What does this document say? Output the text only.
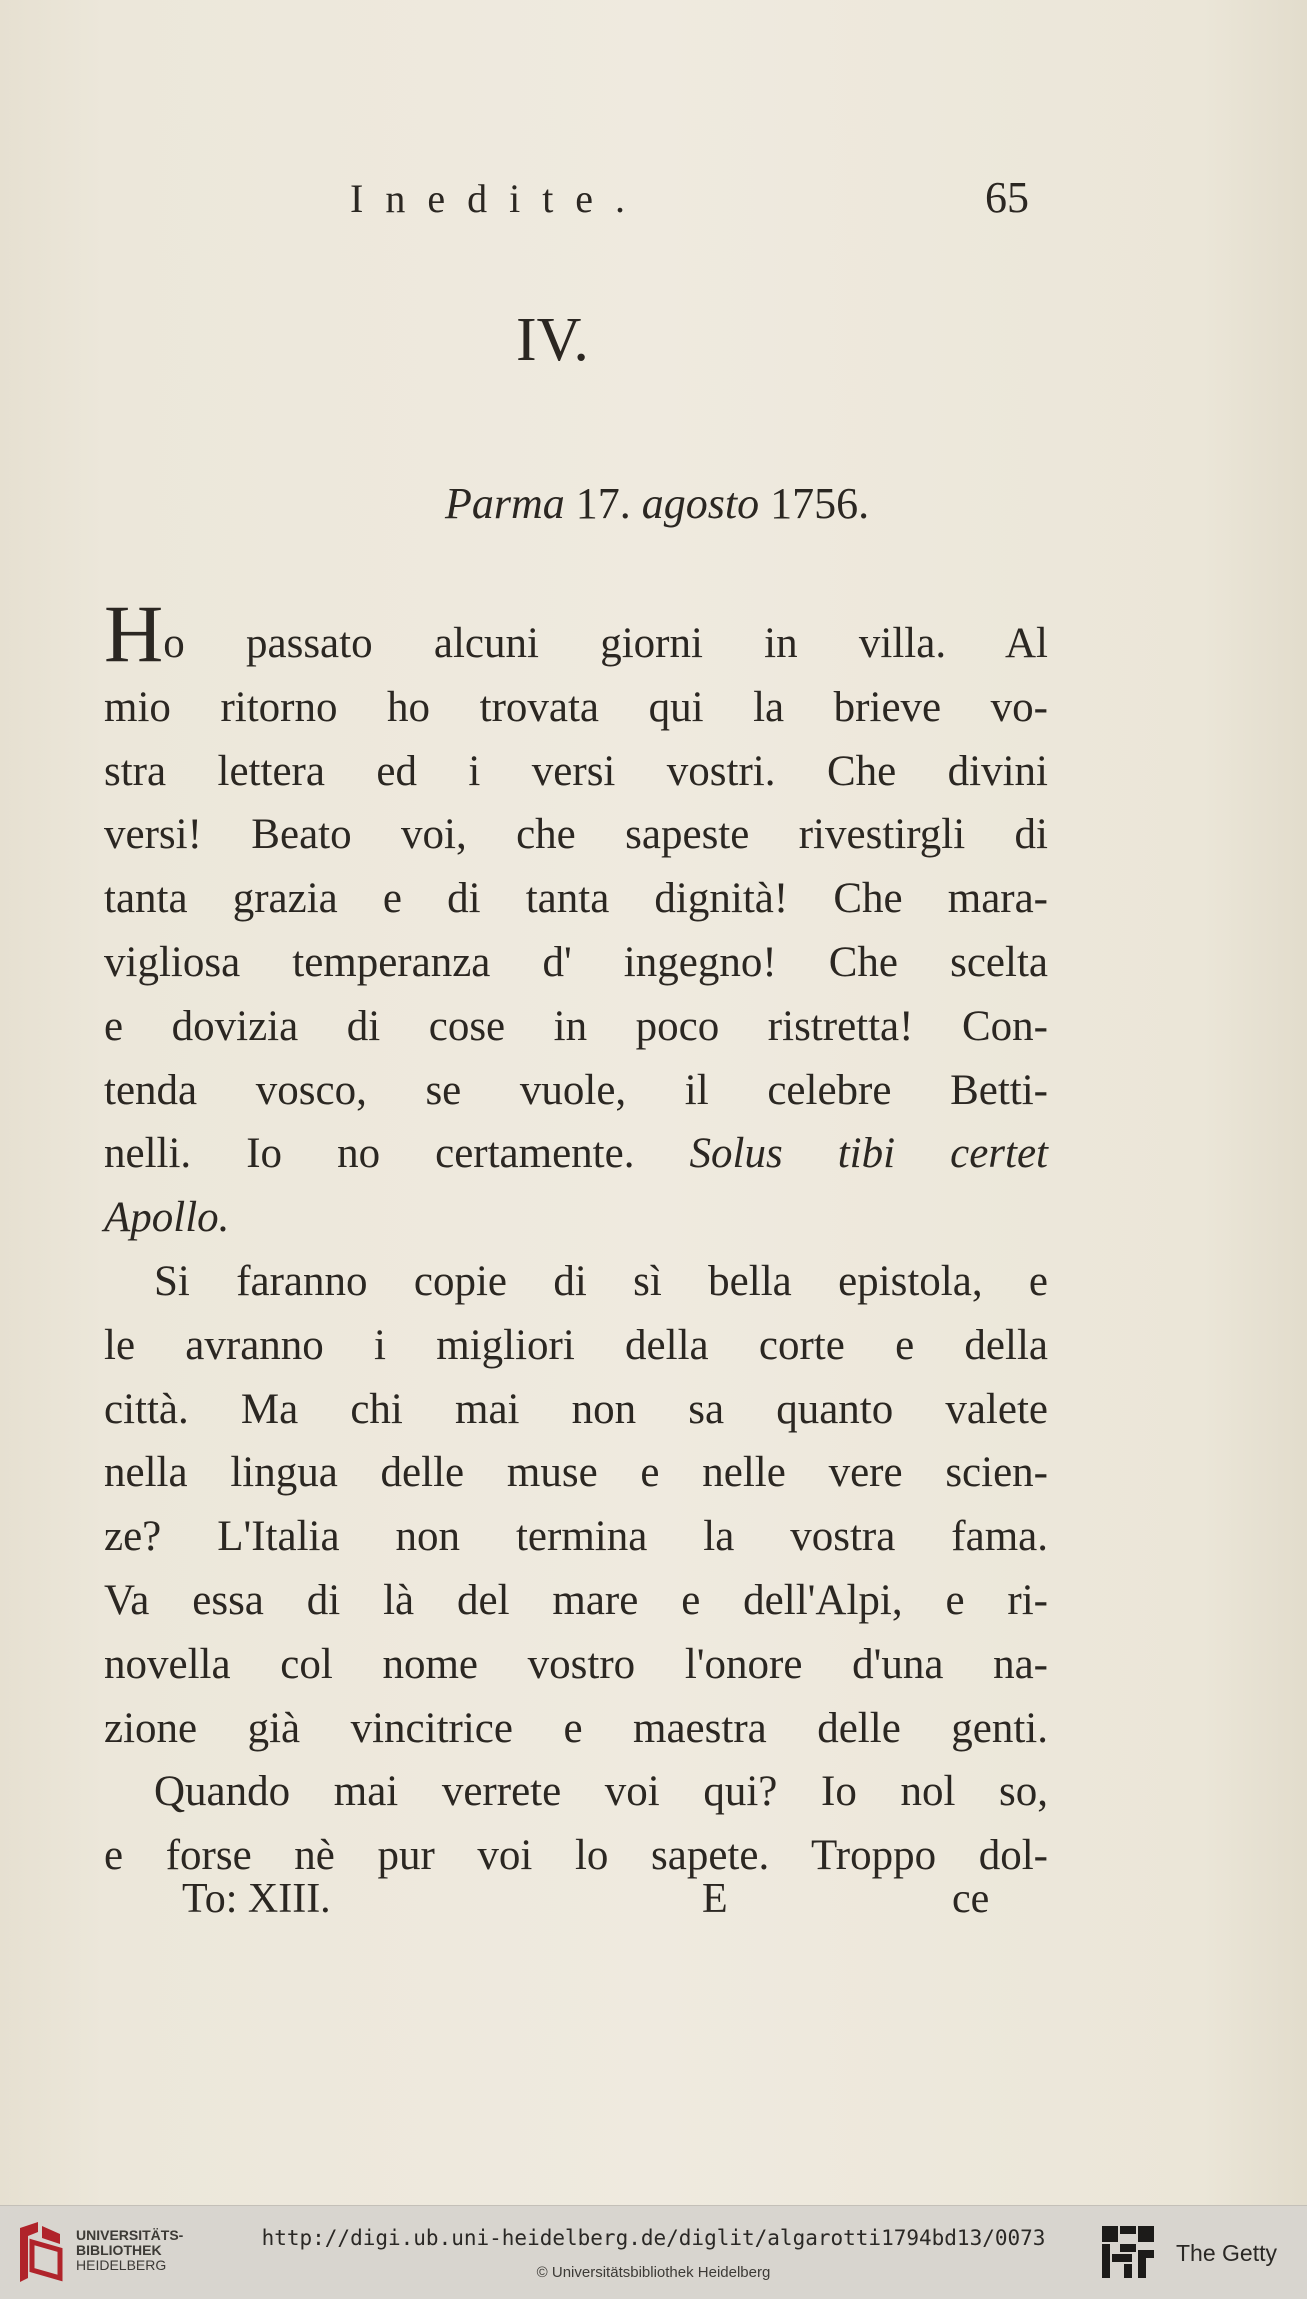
Inedite.	65
IV.
Parma 17. agosto 1756.
Ho passato alcuni giorni in villa. Al
mio ritorno ho trovata qui la brieve vo-
stra lettera ed i versi vostri. Che divini
versi! Beato voi, che sapeste rivestirgli di
tanta grazia e di tanta dignità! Che mara-
vigliosa temperanza d' ingegno! Che scelta
e dovizia di cose in poco ristretta! Con-
tenda vosco, se vuole, il celebre Betti-
nelli. Io no certamente. Solus tibi certet
Apollo.
Si faranno copie di sì bella epistola, e
le avranno i migliori della corte e della
città. Ma chi mai non sa quanto valete
nella lingua delle muse e nelle vere scien-
ze? L'Italia non termina la vostra fama.
Va essa di là del mare e dell'Alpi, e ri-
novella col nome vostro l'onore d'una na-
zione già vincitrice e maestra delle genti.
Quando mai verrete voi qui? Io nol so,
e forse nè pur voi lo sapete. Troppo dol-
To: XIII.	E	ce
UNIVERSITÄTS-
BIBLIOTHEK
HEIDELBERG
http://digi.ub.uni-heidelberg.de/diglit/algarotti1794bd13/0073
© Universitätsbibliothek Heidelberg
The Getty
